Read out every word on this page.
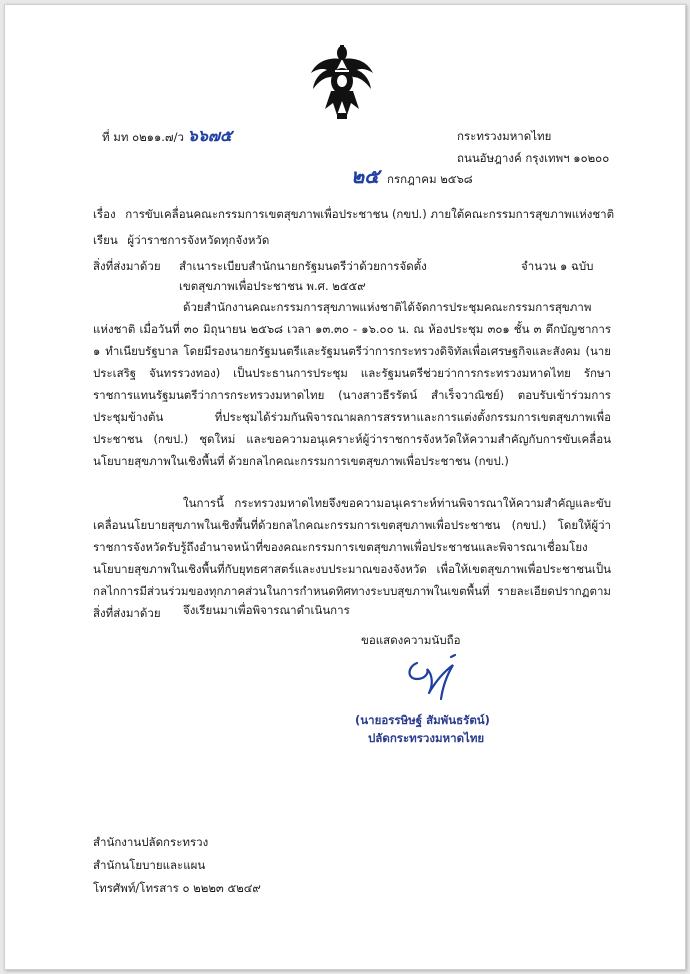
ที่ มท ๐๒๑๑.๗/ว ๖๖๗๕	กระทรวงมหาดไทย
ถนนอัษฎางค์ กรุงเทพฯ ๑๐๒๐๐
๒๕ กรกฎาคม ๒๕๖๘
เรื่อง การขับเคลื่อนคณะกรรมการเขตสุขภาพเพื่อประชาชน (กขป.) ภายใต้คณะกรรมการสุขภาพแห่งชาติ
เรียน ผู้ว่าราชการจังหวัดทุกจังหวัด
สิ่งที่ส่งมาด้วย สำเนาระเบียบสำนักนายกรัฐมนตรีว่าด้วยการจัดตั้ง
เขตสุขภาพเพื่อประชาชน พ.ศ. ๒๕๕๙
จำนวน ๑ ฉบับ
ด้วยสำนักงานคณะกรรมการสุขภาพแห่งชาติได้จัดการประชุมคณะกรรมการสุขภาพแห่งชาติ เมื่อวันที่ ๓๐ มิถุนายน ๒๕๖๘ เวลา ๑๓.๓๐ - ๑๖.๐๐ น. ณ ห้องประชุม ๓๐๑ ชั้น ๓ ตึกบัญชาการ ๑ ทำเนียบรัฐบาล โดยมีรองนายกรัฐมนตรีและรัฐมนตรีว่าการกระทรวงดิจิทัลเพื่อเศรษฐกิจและสังคม (นายประเสริฐ จันทรรวงทอง) เป็นประธานการประชุม และรัฐมนตรีช่วยว่าการกระทรวงมหาดไทย รักษาราชการแทนรัฐมนตรีว่าการกระทรวงมหาดไทย (นางสาวธีรรัตน์ สำเร็จวาณิชย์) ตอบรับเข้าร่วมการประชุมข้างต้น ที่ประชุมได้ร่วมกันพิจารณาผลการสรรหาและการแต่งตั้งกรรมการเขตสุขภาพเพื่อประชาชน (กขป.) ชุดใหม่ และขอความอนุเคราะห์ผู้ว่าราชการจังหวัดให้ความสำคัญกับการขับเคลื่อนนโยบายสุขภาพในเชิงพื้นที่ ด้วยกลไกคณะกรรมการเขตสุขภาพเพื่อประชาชน (กขป.)
ในการนี้ กระทรวงมหาดไทยจึงขอความอนุเคราะห์ท่านพิจารณาให้ความสำคัญและขับเคลื่อนนโยบายสุขภาพในเชิงพื้นที่ด้วยกลไกคณะกรรมการเขตสุขภาพเพื่อประชาชน (กขป.) โดยให้ผู้ว่าราชการจังหวัดรับรู้ถึงอำนาจหน้าที่ของคณะกรรมการเขตสุขภาพเพื่อประชาชนและพิจารณาเชื่อมโยงนโยบายสุขภาพในเชิงพื้นที่กับยุทธศาสตร์และงบประมาณของจังหวัด เพื่อให้เขตสุขภาพเพื่อประชาชนเป็นกลไกการมีส่วนร่วมของทุกภาคส่วนในการกำหนดทิศทางระบบสุขภาพในเขตพื้นที่ รายละเอียดปรากฏตามสิ่งที่ส่งมาด้วย	จึงเรียนมาเพื่อพิจารณาดำเนินการ
ขอแสดงความนับถือ
(นายอรรษิษฐ์ สัมพันธรัตน์)
ปลัดกระทรวงมหาดไทย
สำนักงานปลัดกระทรวง
สำนักนโยบายและแผน
โทรศัพท์/โทรสาร ๐ ๒๒๒๓ ๕๒๔๙
